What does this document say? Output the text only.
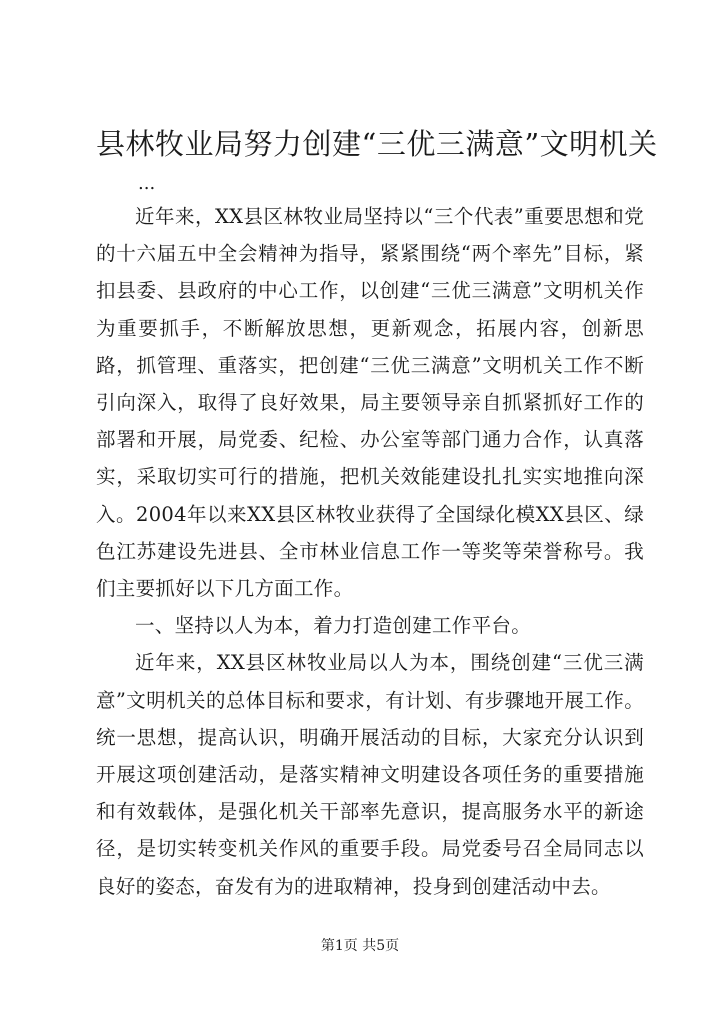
县林牧业局努力创建“三优三满意”文明机关
...

近年来，XX县区林牧业局坚持以“三个代表”重要思想和党的十六届五中全会精神为指导，紧紧围绕“两个率先”目标，紧扣县委、县政府的中心工作，以创建“三优三满意”文明机关作为重要抓手，不断解放思想，更新观念，拓展内容，创新思路，抓管理、重落实，把创建“三优三满意”文明机关工作不断引向深入，取得了良好效果，局主要领导亲自抓紧抓好工作的部署和开展，局党委、纪检、办公室等部门通力合作，认真落实，采取切实可行的措施，把机关效能建设扎扎实实地推向深入。2004年以来XX县区林牧业获得了全国绿化模XX县区、绿色江苏建设先进县、全市林业信息工作一等奖等荣誉称号。我们主要抓好以下几方面工作。

一、坚持以人为本，着力打造创建工作平台。

近年来，XX县区林牧业局以人为本，围绕创建“三优三满意”文明机关的总体目标和要求，有计划、有步骤地开展工作。统一思想，提高认识，明确开展活动的目标，大家充分认识到开展这项创建活动，是落实精神文明建设各项任务的重要措施和有效载体，是强化机关干部率先意识，提高服务水平的新途径，是切实转变机关作风的重要手段。局党委号召全局同志以良好的姿态，奋发有为的进取精神，投身到创建活动中去。

第1页 共5页
